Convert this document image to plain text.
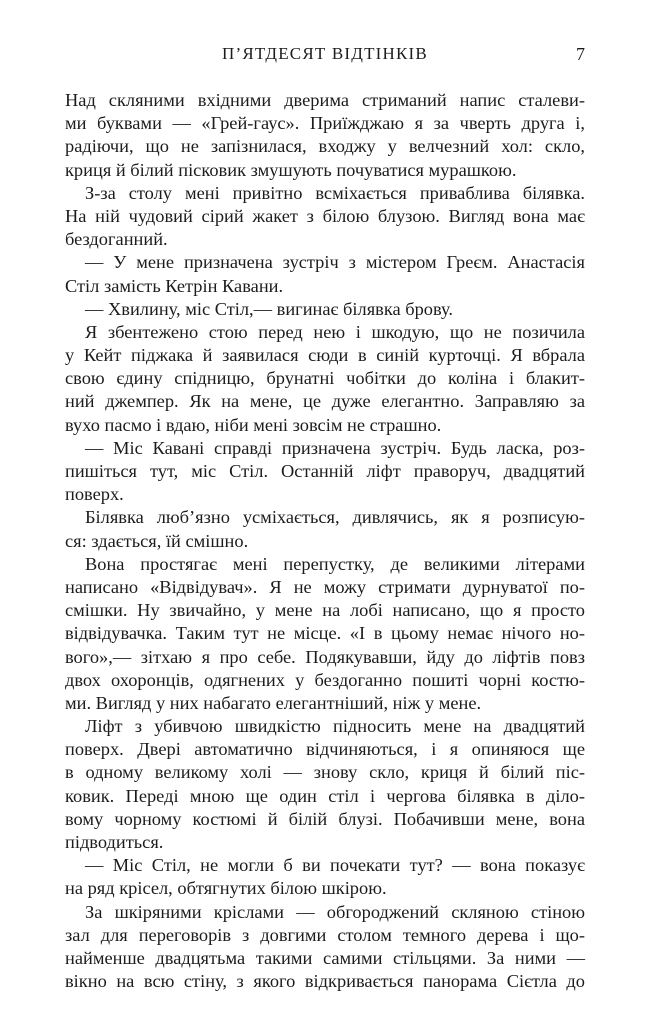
П’ЯТДЕСЯТ ВІДТІНКІВ	7
Над скляними вхідними дверима стриманий напис сталеви-
ми буквами — «Грей-гаус». Приїжджаю я за чверть друга і,
радіючи, що не запізнилася, входжу у велчезний хол: скло,
криця й білий пісковик змушують почуватися мурашкою.
З-за столу мені привітно всміхається приваблива білявка.
На ній чудовий сірий жакет з білою блузою. Вигляд вона має
бездоганний.
— У мене призначена зустріч з містером Греєм. Анастасія
Стіл замість Кетрін Кавани.
— Хвилину, міс Стіл,— вигинає білявка брову.
Я збентежено стою перед нею і шкодую, що не позичила
у Кейт піджака й заявилася сюди в синій курточці. Я вбрала
свою єдину спідницю, брунатні чобітки до коліна і блакит-
ний джемпер. Як на мене, це дуже елегантно. Заправляю за
вухо пасмо і вдаю, ніби мені зовсім не страшно.
— Міс Кавані справді призначена зустріч. Будь ласка, роз-
пишіться тут, міс Стіл. Останній ліфт праворуч, двадцятий
поверх.
Білявка люб’язно усміхається, дивлячись, як я розписую-
ся: здається, їй смішно.
Вона простягає мені перепустку, де великими літерами
написано «Відвідувач». Я не можу стримати дурнуватої по-
смішки. Ну звичайно, у мене на лобі написано, що я просто
відвідувачка. Таким тут не місце. «І в цьому немає нічого но-
вого»,— зітхаю я про себе. Подякувавши, йду до ліфтів повз
двох охоронців, одягнених у бездоганно пошиті чорні костю-
ми. Вигляд у них набагато елегантніший, ніж у мене.
Ліфт з убивчою швидкістю підносить мене на двадцятий
поверх. Двері автоматично відчиняються, і я опиняюся ще
в одному великому холі — знову скло, криця й білий піс-
ковик. Переді мною ще один стіл і чергова білявка в діло-
вому чорному костюмі й білій блузі. Побачивши мене, вона
підводиться.
— Міс Стіл, не могли б ви почекати тут? — вона показує
на ряд крісел, обтягнутих білою шкірою.
За шкіряними кріслами — обгороджений скляною стіною
зал для переговорів з довгими столом темного дерева і що-
найменше двадцятьма такими самими стільцями. За ними —
вікно на всю стіну, з якого відкривається панорама Сієтла до
